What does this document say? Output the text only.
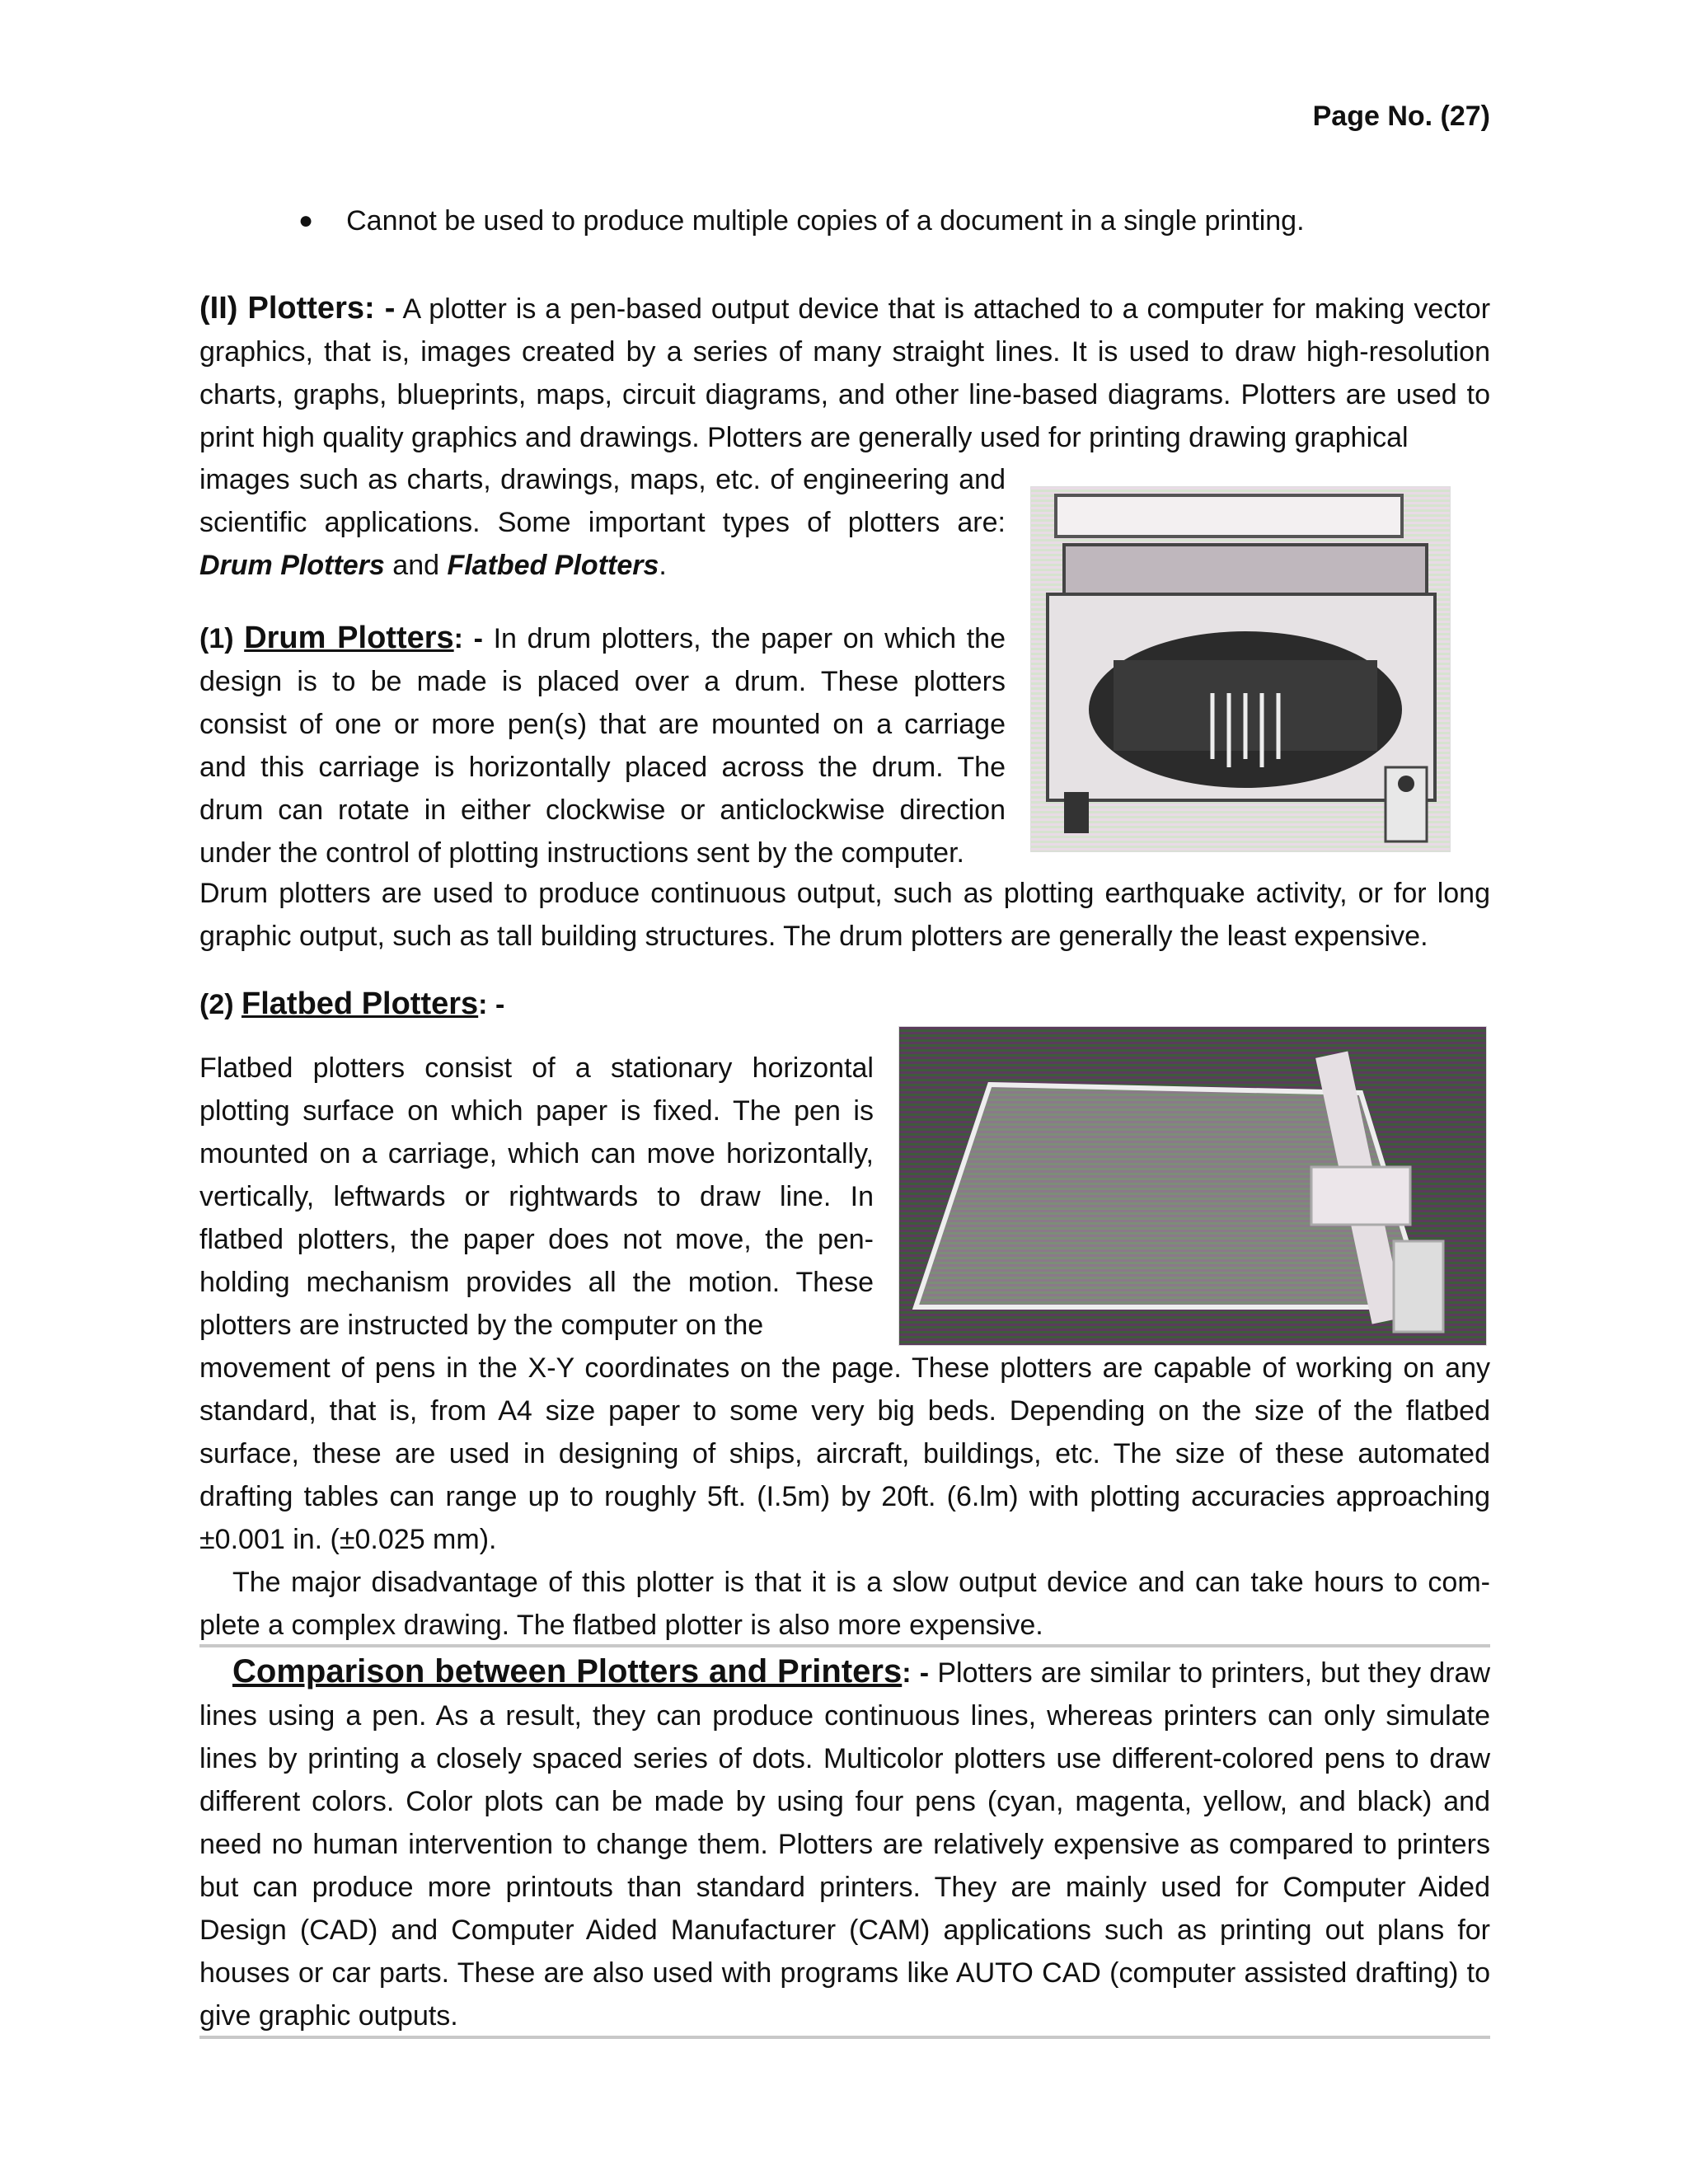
Page No. (27)
● Cannot be used to produce multiple copies of a document in a single printing.
(II) Plotters: - A plotter is a pen-based output device that is attached to a computer for making vector graphics, that is, images created by a series of many straight lines. It is used to draw high-resolution charts, graphs, blueprints, maps, circuit diagrams, and other line-based diagrams. Plotters are used to print high quality graphics and drawings. Plotters are generally used for printing drawing graphical
images such as charts, drawings, maps, etc. of engineering and scientific applications. Some important types of plotters are: Drum Plotters and Flatbed Plotters.
(1) Drum Plotters: - In drum plotters, the paper on which the design is to be made is placed over a drum. These plotters consist of one or more pen(s) that are mounted on a carriage and this carriage is horizontally placed across the drum. The drum can rotate in either clockwise or anticlockwise direction under the control of plotting instructions sent by the computer.
Drum plotters are used to produce continuous output, such as plotting earthquake activity, or for long graphic output, such as tall building structures. The drum plotters are generally the least expensive.
(2) Flatbed Plotters: -
Flatbed plotters consist of a stationary horizontal plotting surface on which paper is fixed. The pen is mounted on a carriage, which can move horizontally, vertically, leftwards or rightwards to draw line. In flatbed plotters, the paper does not move, the pen-holding mechanism provides all the motion. These plotters are instructed by the computer on the
movement of pens in the X-Y coordinates on the page. These plotters are capable of working on any standard, that is, from A4 size paper to some very big beds. Depending on the size of the flatbed surface, these are used in designing of ships, aircraft, buildings, etc. The size of these automated drafting tables can range up to roughly 5ft. (I.5m) by 20ft. (6.lm) with plotting accuracies approaching ±0.001 in. (±0.025 mm).
The major disadvantage of this plotter is that it is a slow output device and can take hours to com-plete a complex drawing. The flatbed plotter is also more expensive.
Comparison between Plotters and Printers: - Plotters are similar to printers, but they draw lines using a pen. As a result, they can produce continuous lines, whereas printers can only simulate lines by printing a closely spaced series of dots. Multicolor plotters use different-colored pens to draw different colors. Color plots can be made by using four pens (cyan, magenta, yellow, and black) and need no human intervention to change them. Plotters are relatively expensive as compared to printers but can produce more printouts than standard printers. They are mainly used for Computer Aided Design (CAD) and Computer Aided Manufacturer (CAM) applications such as printing out plans for houses or car parts. These are also used with programs like AUTO CAD (computer assisted drafting) to give graphic outputs.
